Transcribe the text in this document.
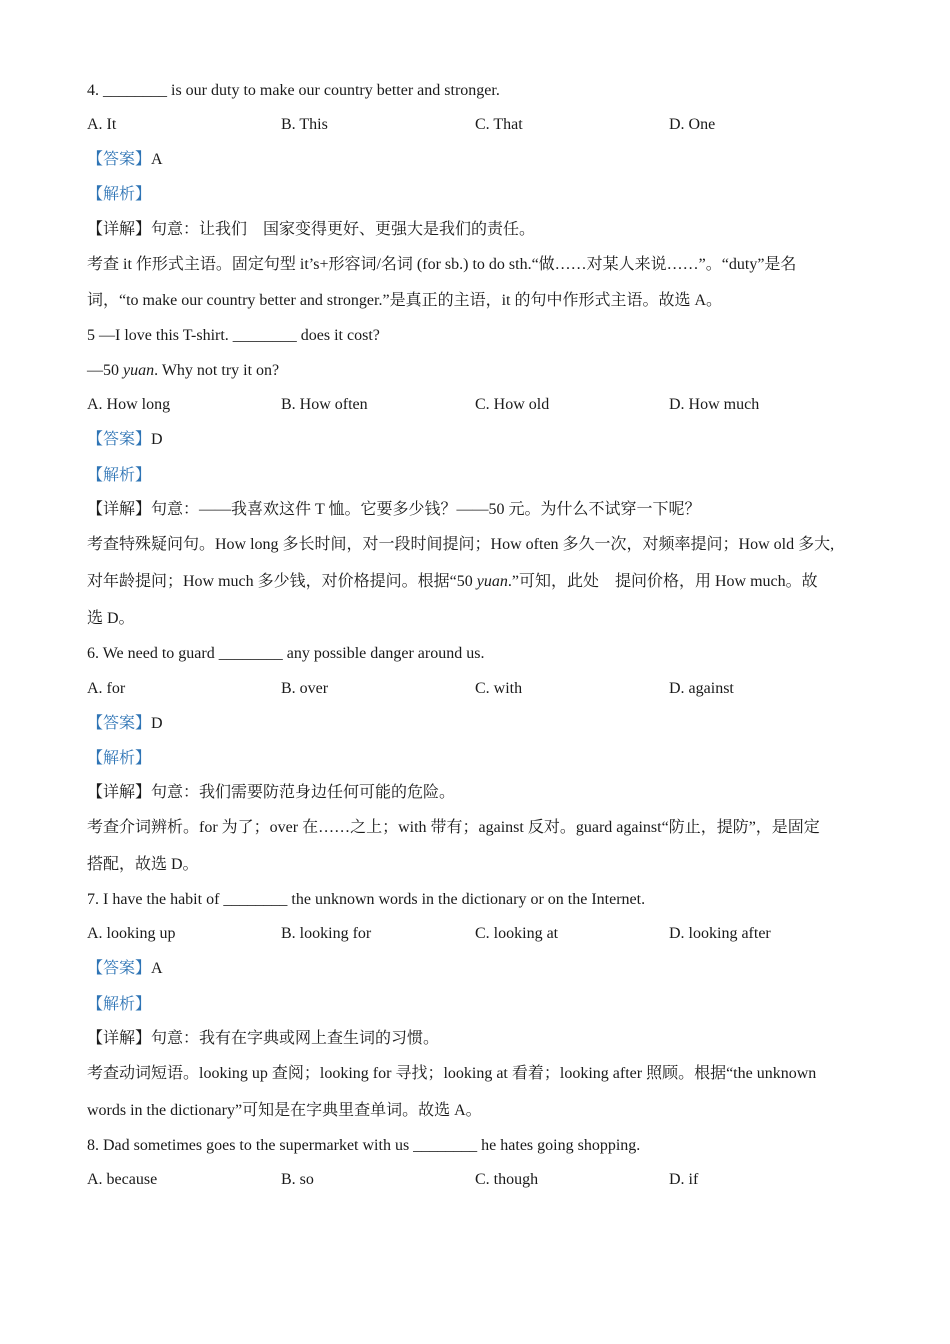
4. ________ is our duty to make our country better and stronger.
A. It	B. This	C. That	D. One
【答案】A
【解析】
【详解】句意：让我们　国家变得更好、更强大是我们的责任。
考查 it 作形式主语。固定句型 it’s+形容词/名词 (for sb.) to do sth.“做……对某人来说……”。“duty”是名
词，“to make our country better and stronger.”是真正的主语，it 的句中作形式主语。故选 A。
5 —I love this T-shirt. ________ does it cost?
—50 yuan. Why not try it on?
A. How long	B. How often	C. How old	D. How much
【答案】D
【解析】
【详解】句意：——我喜欢这件 T 恤。它要多少钱？——50 元。为什么不试穿一下呢？
考查特殊疑问句。How long 多长时间，对一段时间提问；How often 多久一次，对频率提问；How old 多大,
对年龄提问；How much 多少钱，对价格提问。根据“50 yuan.”可知，此处　提问价格，用 How much。故
选 D。
6. We need to guard ________ any possible danger around us.
A. for	B. over	C. with	D. against
【答案】D
【解析】
【详解】句意：我们需要防范身边任何可能的危险。
考查介词辨析。for 为了；over 在……之上；with 带有；against 反对。guard against“防止，提防”，是固定
搭配，故选 D。
7. I have the habit of ________ the unknown words in the dictionary or on the Internet.
A. looking up	B. looking for	C. looking at	D. looking after
【答案】A
【解析】
【详解】句意：我有在字典或网上查生词的习惯。
考查动词短语。looking up 查阅；looking for 寻找；looking at 看着；looking after 照顾。根据“the unknown
words in the dictionary”可知是在字典里查单词。故选 A。
8. Dad sometimes goes to the supermarket with us ________ he hates going shopping.
A. because	B. so	C. though	D. if
